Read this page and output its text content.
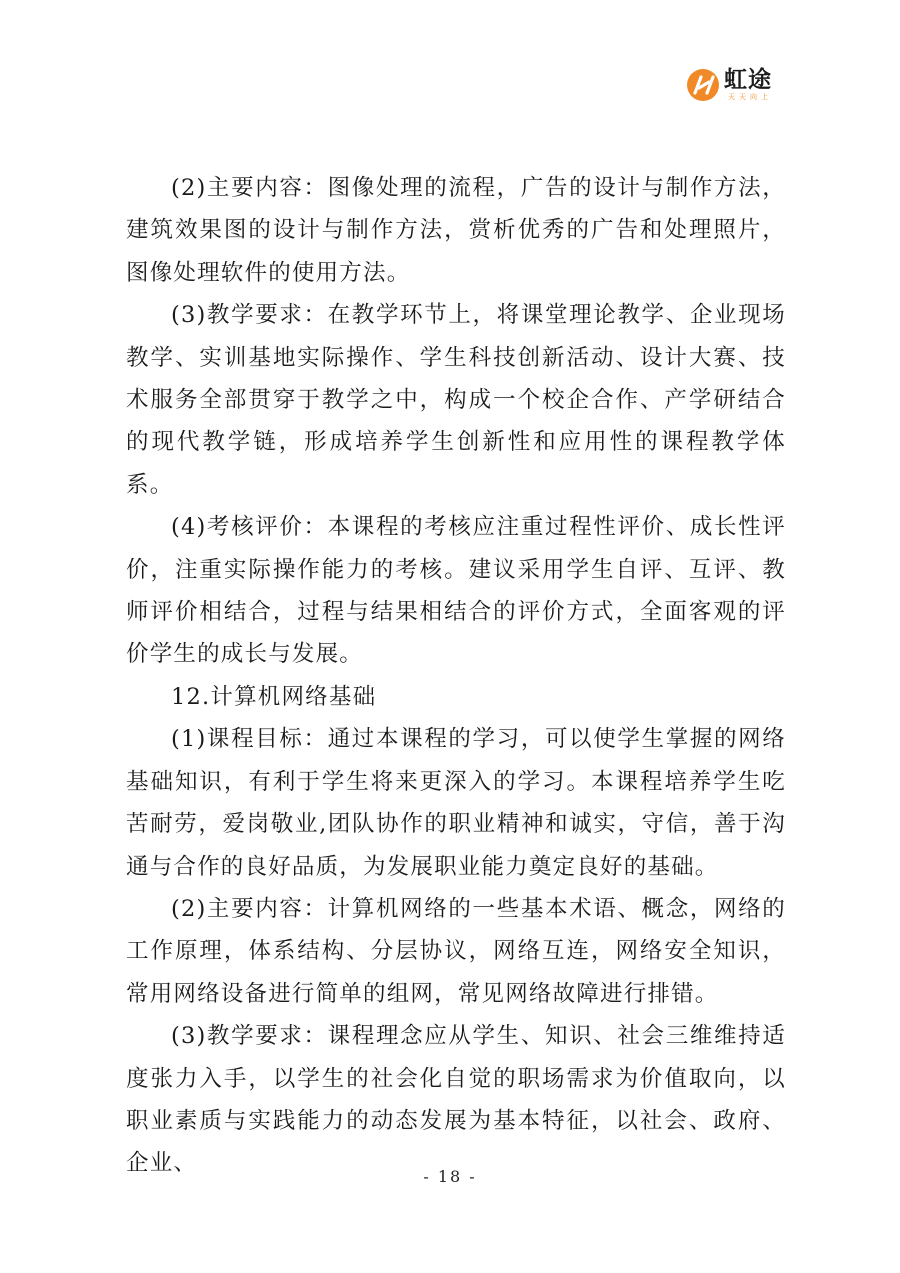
虹途
天天向上

(2)主要内容：图像处理的流程，广告的设计与制作方法，建筑效果图的设计与制作方法，赏析优秀的广告和处理照片，图像处理软件的使用方法。

(3)教学要求：在教学环节上，将课堂理论教学、企业现场教学、实训基地实际操作、学生科技创新活动、设计大赛、技术服务全部贯穿于教学之中，构成一个校企合作、产学研结合的现代教学链，形成培养学生创新性和应用性的课程教学体系。

(4)考核评价：本课程的考核应注重过程性评价、成长性评价，注重实际操作能力的考核。建议采用学生自评、互评、教师评价相结合，过程与结果相结合的评价方式，全面客观的评价学生的成长与发展。

12.计算机网络基础

(1)课程目标：通过本课程的学习，可以使学生掌握的网络基础知识，有利于学生将来更深入的学习。本课程培养学生吃苦耐劳，爱岗敬业,团队协作的职业精神和诚实，守信，善于沟通与合作的良好品质，为发展职业能力奠定良好的基础。

(2)主要内容：计算机网络的一些基本术语、概念，网络的工作原理，体系结构、分层协议，网络互连，网络安全知识，常用网络设备进行简单的组网，常见网络故障进行排错。

(3)教学要求：课程理念应从学生、知识、社会三维维持适度张力入手，以学生的社会化自觉的职场需求为价值取向，以职业素质与实践能力的动态发展为基本特征，以社会、政府、企业、

- 18 -
